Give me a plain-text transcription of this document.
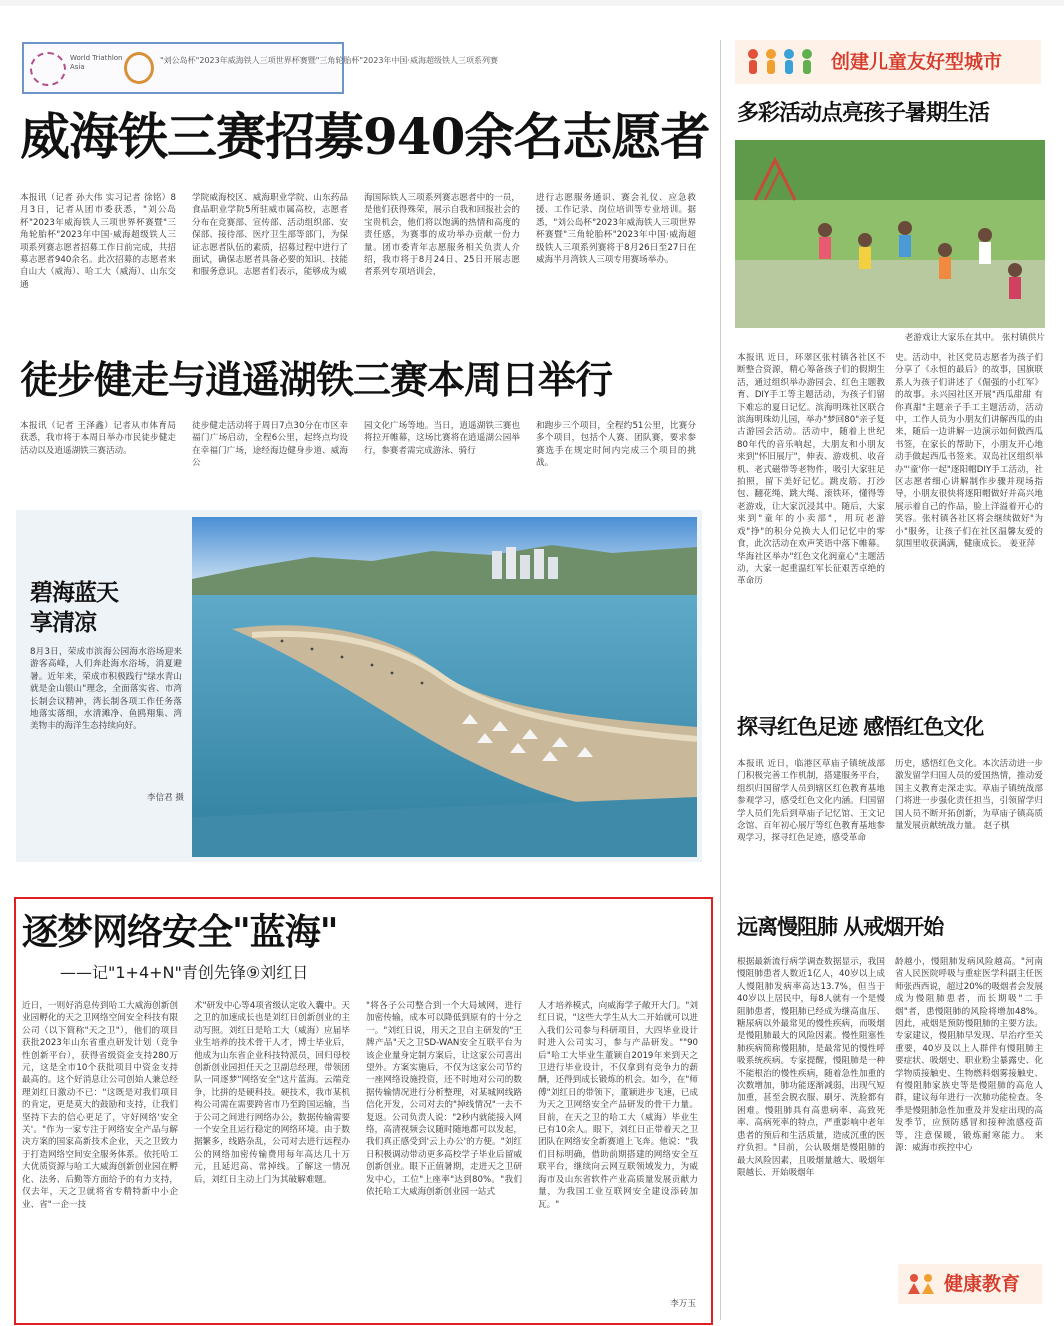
World Triathlon Asia
"刘公岛杯"2023年威海铁人三项世界杯赛暨"三角轮胎杯"2023年中国·威海超级铁人三项系列赛
威海铁三赛招募940余名志愿者
本报讯（记者 孙大伟 实习记者 徐铭）8月3日，记者从团市委获悉，"刘公岛杯"2023年威海铁人三项世界杯赛暨"三角轮胎杯"2023年中国·威海超级铁人三项系列赛志愿者招募工作日前完成，共招募志愿者940余名。此次招募的志愿者来自山大（威海）、哈工大（威海）、山东交通
学院威海校区、威海职业学院、山东药品食品职业学院5所驻威市属高校，志愿者分布在竞赛部、宣传部、活动组织部、安保部、接待部、医疗卫生部等部门，为保证志愿者队伍的素质，招募过程中进行了面试，确保志愿者具备必要的知识、技能和服务意识。志愿者们表示，能够成为威
海国际铁人三项系列赛志愿者中的一员，是他们获得殊荣，展示自我和回报社会的宝贵机会，他们将以饱满的热情和高度的责任感，为赛事的成功举办贡献一份力量。团市委青年志愿服务相关负责人介绍，我市将于8月24日、25日开展志愿者系列专项培训会，
进行志愿服务通识、赛会礼仪、应急救援、工作记录、岗位培训等专业培训。据悉，"刘公岛杯"2023年威海铁人三项世界杯赛暨"三角轮胎杯"2023年中国·威海超级铁人三项系列赛将于8月26日至27日在威海半月湾铁人三项专用赛场举办。
徒步健走与逍遥湖铁三赛本周日举行
本报讯（记者 王泽鑫）记者从市体育局获悉，我市将于本周日举办市民徒步健走活动以及逍遥湖铁三赛活动。
徒步健走活动将于周日7点30分在市区幸福门广场启动，全程6公里，起终点均设在幸福门广场，途经海边健身步道、威海公
园文化广场等地。当日，逍遥湖铁三赛也将拉开帷幕，这场比赛将在逍遥湖公园举行，参赛者需完成游泳、骑行
和跑步三个项目，全程约51公里，比赛分多个项目，包括个人赛、团队赛，要求参赛选手在规定时间内完成三个项目的挑战。
碧海蓝天
享清凉
8月3日，荣成市滨海公园海水浴场迎来游客高峰，人们奔赴海水浴场，消夏避暑。近年来，荣成市积极践行"绿水青山就是金山银山"理念，全面落实省、市湾长制会议精神，湾长制各项工作任务落地落实落细，水清滩净、鱼鸥翔集、湾美物丰的海洋生态持续向好。
李信君 摄
逐梦网络安全"蓝海"
——记"1+4+N"青创先锋⑨刘红日
近日，一则好消息传到哈工大威海创新创业园孵化的天之卫网络空间安全科技有限公司（以下简称"天之卫"），他们的项目获批2023年山东省重点研发计划（竞争性创新平台），获得省级资金支持280万元，这是全市10个获批项目中资金支持最高的。这个好消息让公司创始人兼总经理刘红日激动不已："这既是对我们项目的肯定，更是莫大的鼓励和支持，让我们坚持下去的信心更足了，守好网络'安全关'。"作为一家专注于网络安全产品与解决方案的国家高新技术企业，天之卫致力于打造网络空间安全服务体系。依托哈工大优质资源与哈工大威海创新创业园在孵化、法务、后勤等方面给予的有力支持，仅去年，天之卫就将省专精特新中小企业、省"一企一技
术"研发中心等4项省级认定收入囊中。天之卫的加速成长也是刘红日创新创业的主动写照。刘红日是哈工大（威海）应届毕业生培养的技术骨干人才，博士毕业后，他成为山东省企业科技特派员，回归母校创新创业园担任天之卫副总经理，带领团队一同逐梦"网络安全"这片蓝海。云端竞争，比拼的是硬科技。硬技术，我市某机构公司需在需要跨省市乃至跨国运输，当于公司之间进行网络办公，数据传输需要一个安全且运行稳定的网络环境。由于数据繁多，线路杂乱，公司对去进行远程办公的网络加密传输费用每年高达几十万元，且延迟高、常掉线。了解这一情况后，刘红日主动上门为其破解难题。
"将各子公司整合到一个大局域网，进行加密传输，成本可以降低到原有的十分之一。"刘红日说，用天之卫自主研发的"王牌产品"天之卫SD-WAN安全互联平台为该企业量身定制方案后，让这家公司喜出望外。方案实施后，不仅为这家公司节约一座网络设施投资，还不时地对公司的数据传输情况进行分析整理，对某城网线路信化开发，公司对去的"掉线情况"一去不复返。公司负责人说："2秒内就能接入网络，高清视频会议随时随地都可以发起，我们真正感受到'云上办公'的方便。"刘红日积极调动带动更多高校学子毕业后留威创新创业。眼下正值暑期，走进天之卫研发中心，工位"上座率"达到80%。"我们依托哈工大威海创新创业园一站式
人才培养模式，向威海学子敞开大门。"刘红日说，"这些大学生从大二开始就可以进入我们公司参与科研项目，大四毕业设计时进入公司实习，参与产品研发。""90后"哈工大毕业生董颖自2019年来到天之卫进行毕业设计，不仅拿到有竞争力的薪酬，还得到成长锻炼的机会。如今，在"师傅"刘红日的带领下，董颖进步飞速，已成为天之卫网络安全产品研发的骨干力量。目前，在天之卫的哈工大（威海）毕业生已有10余人。眼下，刘红日正带着天之卫团队在网络安全新赛道上飞奔。他说："我们目标明确，借助前期搭建的网络安全互联平台，继续向云网互联领域发力，为威海市及山东省软件产业高质量发展贡献力量，为我国工业互联网安全建设添砖加瓦。"
李万玉
创建儿童友好型城市
多彩活动点亮孩子暑期生活
老游戏让大家乐在其中。 张村镇供片
本报讯 近日，环翠区张村镇各社区不断整合资源，精心筹备孩子们的假期生活，通过组织举办游园会、红色主题教育、DIY手工等主题活动，为孩子们留下难忘的夏日记忆。滨海明珠社区联合滨海明珠幼儿园，举办"梦回80"亲子复古游园会活动。活动中，随着上世纪80年代的音乐响起，大朋友和小朋友来到"怀旧展厅"，伸表、游戏机、收音机、老式磁带等老物件，吸引大家驻足拍照，留下美好记忆。跳皮筋、打沙包、翻花绳、跳大绳、滚铁环，懂得等老游戏，让大家沉浸其中。随后，大家来到"童年的小卖部"，用玩老游戏"挣"的积分兑换大人们记忆中的零食，此次活动在欢声笑语中落下帷幕。华海社区举办"红色文化润童心"主题活动，大家一起重温红军长征艰苦卓绝的革命历
史。活动中，社区党员志愿者为孩子们分享了《永恒的最后》的故事，国旗联系人为孩子们讲述了《倔强的小红军》的故事。永兴园社区开展"西瓜甜甜 有你真甜"主题亲子手工主题活动，活动中，工作人员为小朋友们讲解西瓜的由来，随后一边讲解一边演示如何做西瓜书签，在家长的帮助下，小朋友开心地动手做起西瓜书签来。双岛社区组织举办"'童'你一起"逐阳帽DIY手工活动，社区志愿者细心讲解制作步骤并现场指导，小朋友很快将逐阳帽做好并高兴地展示着自己的作品，脸上洋溢着开心的笑容。张村镇各社区将会继续做好"为小"服务，让孩子们在社区温馨友爱的氛围里收获满满，健康成长。 姜亚萍
探寻红色足迹 感悟红色文化
本报讯 近日，临港区草庙子镇统战部门积极完善工作机制，搭建服务平台，组织归国留学人员到辖区红色教育基地参观学习，感受红色文化内涵。归国留学人员们先后到草庙子记忆馆、王文记念馆、百年初心展厅等红色教育基地参观学习，探寻红色足迹，感受革命
历史，感悟红色文化。本次活动进一步激发留学归国人员的爱国热情，推动爱国主义教育走深走实。草庙子镇统战部门将进一步强化责任担当，引领留学归国人员不断开拓创新，为草庙子镇高质量发展贡献统战力量。 赵子棋
远离慢阻肺 从戒烟开始
根据最新流行病学调查数据显示，我国慢阻肺患者人数近1亿人，40岁以上成人慢阻肺发病率高达13.7%，但当于40岁以上居民中，每8人就有一个是慢阻肺患者，慢阻肺已经成为继高血压、糖尿病以外最常见的慢性疾病，而吸烟是慢阻肺最大的风险因素。慢性阻塞性肺疾病简称慢阻肺，是最常见的慢性呼吸系统疾病。专家提醒，慢阻肺是一种不能根治的慢性疾病，随着急性加重的次数增加，肺功能逐渐减弱，出现气短加重，甚至会脱衣服、刷牙、洗脸都有困难。慢阻肺具有高患病率、高致死率、高病死率的特点，严重影响中老年患者的预后和生活质量，造成沉重的医疗负担。"目前，公认吸烟是慢阻肺的最大风险因素，且吸烟量越大、吸烟年限越长、开始吸烟年
龄越小，慢阻肺发病风险越高。"河南省人民医院呼吸与重症医学科副主任医师张西西说，超过20%的吸烟者会发展成为慢阻肺患者，而长期吸"二手烟"者，患慢阻肺的风险将增加48%。因此，戒烟是预防慢阻肺的主要方法。专家建议，慢阻肺早发现、早治疗至关重要，40岁及以上人群伴有慢阻肺主要症状、吸烟史、职业粉尘暴露史、化学物质接触史、生物燃料烟雾接触史、有慢阻肺家族史等是慢阻肺的高危人群，建议每年进行一次肺功能检查。冬季是慢阻肺急性加重及并发症出现的高发季节，应预防感冒和接种流感疫苗等，注意保暖，锻炼耐寒能力。 来源：威海市疾控中心
健康教育
